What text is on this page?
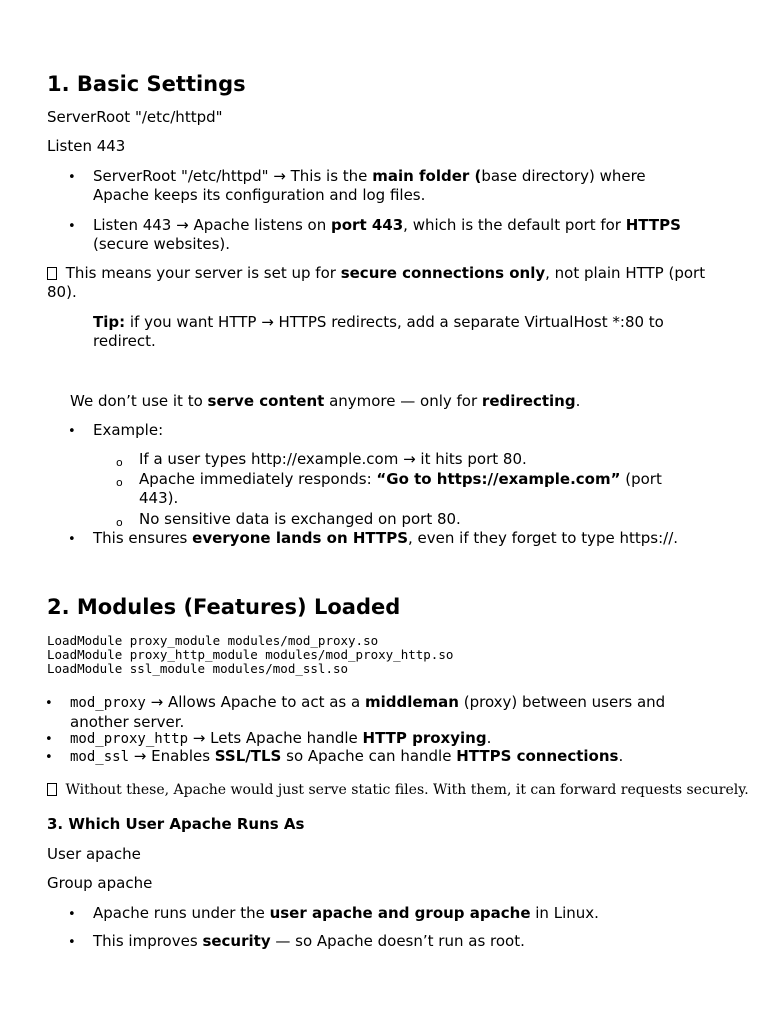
1. Basic Settings
ServerRoot "/etc/httpd"
Listen 443
• ServerRoot "/etc/httpd" → This is the main folder (base directory) where
Apache keeps its configuration and log files.
• Listen 443 → Apache listens on port 443, which is the default port for HTTPS
(secure websites).
This means your server is set up for secure connections only, not plain HTTP (port
80).
Tip: if you want HTTP → HTTPS redirects, add a separate VirtualHost *:80 to
redirect.
We don’t use it to serve content anymore — only for redirecting.
• Example:
o If a user types http://example.com → it hits port 80.
o Apache immediately responds: “Go to https://example.com” (port
443).
o No sensitive data is exchanged on port 80.
• This ensures everyone lands on HTTPS, even if they forget to type https://.
2. Modules (Features) Loaded
LoadModule proxy_module modules/mod_proxy.so
LoadModule proxy_http_module modules/mod_proxy_http.so
LoadModule ssl_module modules/mod_ssl.so
• mod_proxy → Allows Apache to act as a middleman (proxy) between users and
another server.
• mod_proxy_http → Lets Apache handle HTTP proxying.
• mod_ssl → Enables SSL/TLS so Apache can handle HTTPS connections.
Without these, Apache would just serve static files. With them, it can forward requests securely.
3. Which User Apache Runs As
User apache
Group apache
• Apache runs under the user apache and group apache in Linux.
• This improves security — so Apache doesn’t run as root.
